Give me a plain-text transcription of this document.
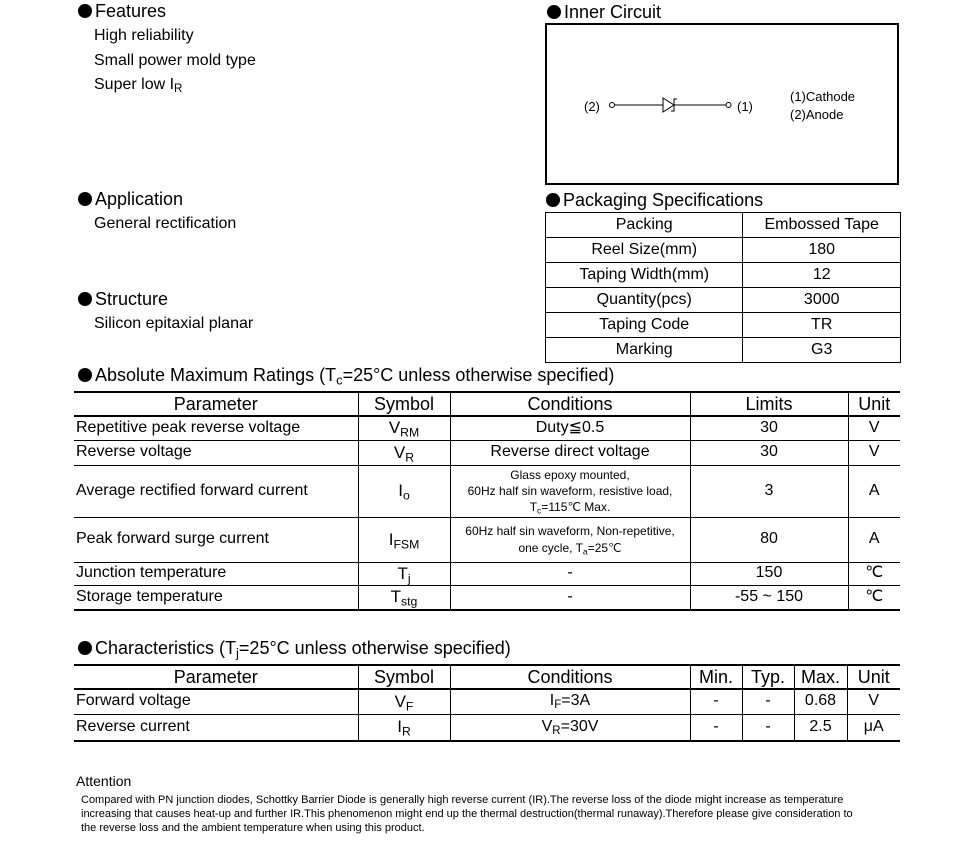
Features
High reliability
Small power mold type
Super low $I_R$
Application
General rectification
Structure
Silicon epitaxial planar
Inner Circuit
(2)	(1)
(1)Cathode
(2)Anode
Packaging Specifications
Packing	Embossed Tape
Reel Size(mm)	180
Taping Width(mm)	12
Quantity(pcs)	3000
Taping Code	TR
Marking	G3
Absolute Maximum Ratings ($T_c=25^\circ C$ unless otherwise specified)
Parameter	Symbol	Conditions	Limits	Unit
Repetitive peak reverse voltage	$V_{RM}$	Duty≦0.5	30	V
Reverse voltage	$V_R$	Reverse direct voltage	30	V
Average rectified forward current	$I_o$	Glass epoxy mounted,
60Hz half sin waveform, resistive load,
$T_c=115℃$ Max.	3	A
Peak forward surge current	$I_{FSM}$	60Hz half sin waveform, Non-repetitive,
one cycle, $T_a=25℃$	80	A
Junction temperature	$T_j$	-	150	℃
Storage temperature	$T_{stg}$	-	-55 ~ 150	℃
Characteristics ($T_j=25^\circ C$ unless otherwise specified)
Parameter	Symbol	Conditions	Min.	Typ.	Max.	Unit
Forward voltage	$V_F$	$I_F=3A$	-	-	0.68	V
Reverse current	$I_R$	$V_R=30V$	-	-	2.5	μA
Attention
Compared with PN junction diodes, Schottky Barrier Diode is generally high reverse current (IR).The reverse loss of the diode might increase as temperature
increasing that causes heat-up and further IR.This phenomenon might end up the thermal destruction(thermal runaway).Therefore please give consideration to
the reverse loss and the ambient temperature when using this product.
